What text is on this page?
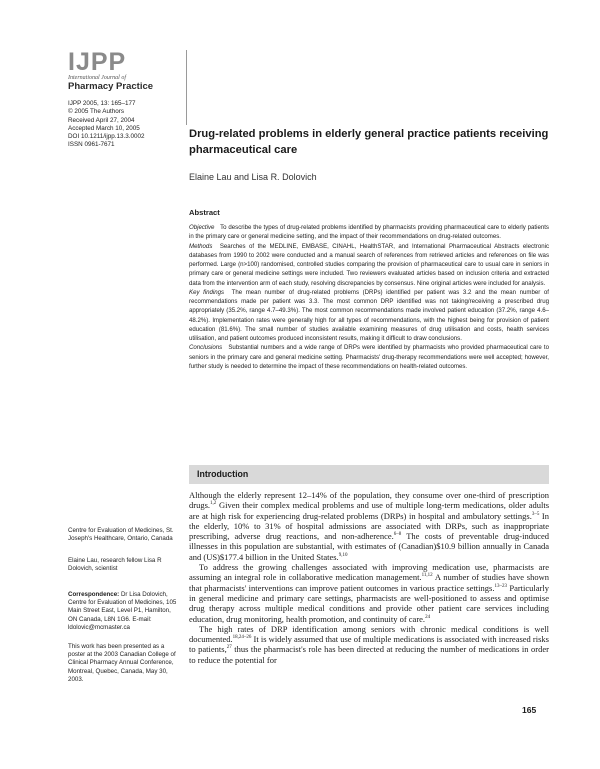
IJPP
International Journal of
Pharmacy Practice
IJPP 2005, 13: 165–177
© 2005 The Authors
Received April 27, 2004
Accepted March 10, 2005
DOI 10.1211/ijpp.13.3.0002
ISSN 0961-7671
Drug-related problems in elderly general practice patients receiving pharmaceutical care
Elaine Lau and Lisa R. Dolovich
Abstract

Objective To describe the types of drug-related problems identified by pharmacists providing pharmaceutical care to elderly patients in the primary care or general medicine setting, and the impact of their recommendations on drug-related outcomes.

Methods Searches of the MEDLINE, EMBASE, CINAHL, HealthSTAR, and International Pharmaceutical Abstracts electronic databases from 1990 to 2002 were conducted and a manual search of references from retrieved articles and references on file was performed. Large (n>100) randomised, controlled studies comparing the provision of pharmaceutical care to usual care in seniors in primary care or general medicine settings were included. Two reviewers evaluated articles based on inclusion criteria and extracted data from the intervention arm of each study, resolving discrepancies by consensus. Nine original articles were included for analysis.

Key findings The mean number of drug-related problems (DRPs) identified per patient was 3.2 and the mean number of recommendations made per patient was 3.3. The most common DRP identified was not taking/receiving a prescribed drug appropriately (35.2%, range 4.7–49.3%). The most common recommendations made involved patient education (37.2%, range 4.6–48.2%). Implementation rates were generally high for all types of recommendations, with the highest being for provision of patient education (81.6%). The small number of studies available examining measures of drug utilisation and costs, health services utilisation, and patient outcomes produced inconsistent results, making it difficult to draw conclusions.

Conclusions Substantial numbers and a wide range of DRPs were identified by pharmacists who provided pharmaceutical care to seniors in the primary care and general medicine setting. Pharmacists' drug-therapy recommendations were well accepted; however, further study is needed to determine the impact of these recommendations on health-related outcomes.

Introduction

Although the elderly represent 12–14% of the population, they consume over one-third of prescription drugs.$^{1,2}$ Given their complex medical problems and use of multiple long-term medications, older adults are at high risk for experiencing drug-related problems (DRPs) in hospital and ambulatory settings.$^{3-5}$ In the elderly, 10% to 31% of hospital admissions are associated with DRPs, such as inappropriate prescribing, adverse drug reactions, and non-adherence.$^{6-8}$ The costs of preventable drug-induced illnesses in this population are substantial, with estimates of (Canadian)$10.9 billion annually in Canada and (US)$177.4 billion in the United States.$^{9,10}$

To address the growing challenges associated with improving medication use, pharmacists are assuming an integral role in collaborative medication management.$^{11,12}$ A number of studies have shown that pharmacists' interventions can improve patient outcomes in various practice settings.$^{13-23}$ Particularly in general medicine and primary care settings, pharmacists are well-positioned to assess and optimise drug therapy across multiple medical conditions and provide other patient care services including education, drug monitoring, health promotion, and continuity of care.$^{24}$

The high rates of DRP identification among seniors with chronic medical conditions is well documented.$^{18,24-26}$ It is widely assumed that use of multiple medications is associated with increased risks to patients,$^{27}$ thus the pharmacist's role has been directed at reducing the number of medications in order to reduce the potential for

Centre for Evaluation of Medicines, St. Joseph's Healthcare, Ontario, Canada

Elaine Lau, research fellow Lisa R Dolovich, scientist

Correspondence: Dr Lisa Dolovich, Centre for Evaluation of Medicines, 105 Main Street East, Level P1, Hamilton, ON Canada, L8N 1G6. E-mail: ldolovic@mcmaster.ca

This work has been presented as a poster at the 2003 Canadian College of Clinical Pharmacy Annual Conference, Montreal, Quebec, Canada, May 30, 2003.

165
